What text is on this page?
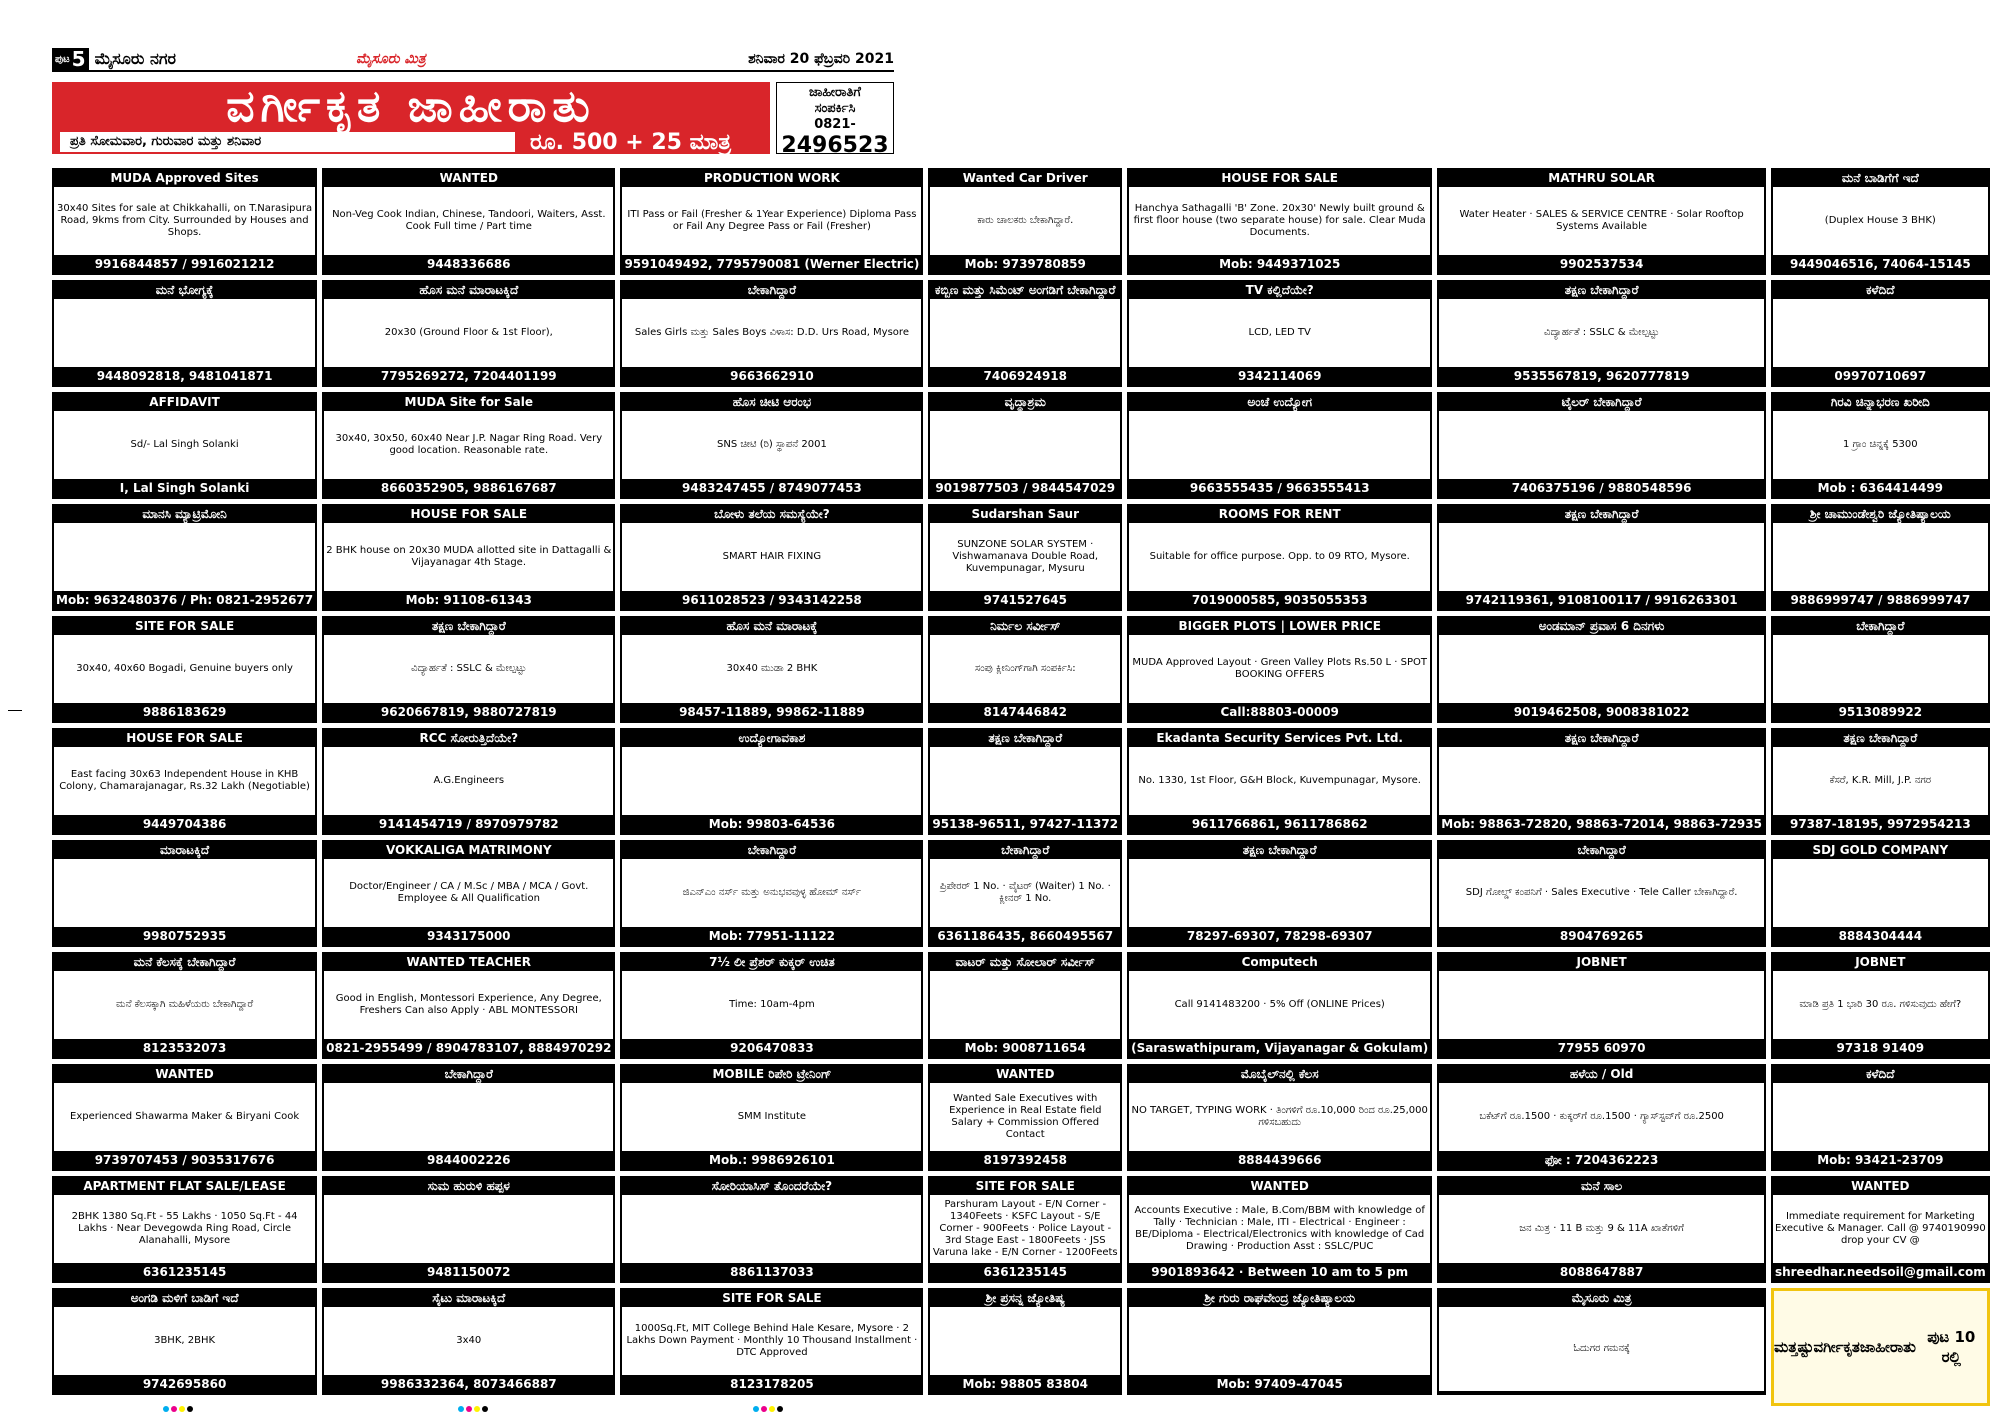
ಪುಟ 5 ಮೈಸೂರು ನಗರ	ಮೈಸೂರು ಮಿತ್ರ	ಶನಿವಾರ 20 ಫೆಬ್ರವರಿ 2021
ವರ್ಗೀಕೃತ ಜಾಹೀರಾತು
ಪ್ರತಿ ಸೋಮವಾರ, ಗುರುವಾರ ಮತ್ತು ಶನಿವಾರ	ರೂ. 500 + 25 ಮಾತ್ರ
ಜಾಹೀರಾತಿಗೆ
ಸಂಪರ್ಕಿಸಿ
0821-
2496523
MUDA Approved Sites
30x40 Sites for sale at Chikkahalli, on T.Narasipura Road, 9kms from City. Surrounded by Houses and Shops.
9916844857 / 9916021212
WANTED
Non-Veg Cook Indian, Chinese, Tandoori, Waiters, Asst. Cook Full time / Part time
9448336686
PRODUCTION WORK
ITI Pass or Fail (Fresher & 1Year Experience) Diploma Pass or Fail Any Degree Pass or Fail (Fresher)
9591049492, 7795790081 (Werner Electric)
Wanted Car Driver
ಕಾರು ಚಾಲಕರು ಬೇಕಾಗಿದ್ದಾರೆ.
Mob: 9739780859
HOUSE FOR SALE
Hanchya Sathagalli 'B' Zone. 20x30' Newly built ground & first floor house (two separate house) for sale. Clear Muda Documents.
Mob: 9449371025
MATHRU SOLAR
Water Heater · SALES & SERVICE CENTRE · Solar Rooftop Systems Available
9902537534
ಮನೆ ಬಾಡಿಗೆಗೆ ಇದೆ
(Duplex House 3 BHK)
9449046516, 74064-15145
ಮನೆ ಭೋಗ್ಯಕ್ಕೆ
9448092818, 9481041871
ಹೊಸ ಮನೆ ಮಾರಾಟಕ್ಕಿದೆ
20x30 (Ground Floor & 1st Floor),
7795269272, 7204401199
ಬೇಕಾಗಿದ್ದಾರೆ
Sales Girls ಮತ್ತು Sales Boys ವಿಳಾಸ: D.D. Urs Road, Mysore
9663662910
ಕಬ್ಬಿಣ ಮತ್ತು ಸಿಮೆಂಟ್ ಅಂಗಡಿಗೆ ಬೇಕಾಗಿದ್ದಾರೆ
7406924918
TV ಕಲ್ಲಿದೆಯೇ?
LCD, LED TV
9342114069
ತಕ್ಷಣ ಬೇಕಾಗಿದ್ದಾರೆ
ವಿದ್ಯಾರ್ಹತೆ : SSLC & ಮೇಲ್ಪಟ್ಟು
9535567819, 9620777819
ಕಳೆದಿದೆ
09970710697
AFFIDAVIT
Sd/- Lal Singh Solanki
I, Lal Singh Solanki
MUDA Site for Sale
30x40, 30x50, 60x40 Near J.P. Nagar Ring Road. Very good location. Reasonable rate.
8660352905, 9886167687
ಹೊಸ ಚೀಟಿ ಆರಂಭ
SNS ಚೀಟಿ (ರಿ) ಸ್ಥಾಪನೆ 2001
9483247455 / 8749077453
ವೃದ್ಧಾಶ್ರಮ
9019877503 / 9844547029
ಅಂಚೆ ಉದ್ಯೋಗ
9663555435 / 9663555413
ಟೈಲರ್ ಬೇಕಾಗಿದ್ದಾರೆ
7406375196 / 9880548596
ಗಿರವಿ ಚಿನ್ನಾಭರಣ ಖರೀದಿ
1 ಗ್ರಾಂ ಚಿನ್ನಕ್ಕೆ 5300
Mob : 6364414499
ಮಾನಸಿ ಮ್ಯಾಟ್ರಿಮೋನಿ
Mob: 9632480376 / Ph: 0821-2952677
HOUSE FOR SALE
2 BHK house on 20x30 MUDA allotted site in Dattagalli & Vijayanagar 4th Stage.
Mob: 91108-61343
ಬೋಳು ತಲೆಯ ಸಮಸ್ಯೆಯೇ?
SMART HAIR FIXING
9611028523 / 9343142258
Sudarshan Saur
SUNZONE SOLAR SYSTEM · Vishwamanava Double Road, Kuvempunagar, Mysuru
9741527645
ROOMS FOR RENT
Suitable for office purpose. Opp. to 09 RTO, Mysore.
7019000585, 9035055353
ತಕ್ಷಣ ಬೇಕಾಗಿದ್ದಾರೆ
9742119361, 9108100117 / 9916263301
ಶ್ರೀ ಚಾಮುಂಡೇಶ್ವರಿ ಜ್ಯೋತಿಷ್ಯಾಲಯ
9886999747 / 9886999747
SITE FOR SALE
30x40, 40x60 Bogadi, Genuine buyers only
9886183629
ತಕ್ಷಣ ಬೇಕಾಗಿದ್ದಾರೆ
ವಿದ್ಯಾರ್ಹತೆ : SSLC & ಮೇಲ್ಪಟ್ಟು
9620667819, 9880727819
ಹೊಸ ಮನೆ ಮಾರಾಟಕ್ಕೆ
30x40 ಮುಡಾ 2 BHK
98457-11889, 99862-11889
ನಿರ್ಮಲ ಸರ್ವೀಸ್
ಸಂಪು ಕ್ಲೀನಿಂಗ್‌ಗಾಗಿ ಸಂಪರ್ಕಿಸಿ:
8147446842
BIGGER PLOTS | LOWER PRICE
MUDA Approved Layout · Green Valley Plots Rs.50 L · SPOT BOOKING OFFERS
Call:88803-00009
ಅಂಡಮಾನ್ ಪ್ರವಾಸ 6 ದಿನಗಳು
9019462508, 9008381022
ಬೇಕಾಗಿದ್ದಾರೆ
9513089922
HOUSE FOR SALE
East facing 30x63 Independent House in KHB Colony, Chamarajanagar, Rs.32 Lakh (Negotiable)
9449704386
RCC ಸೋರುತ್ತಿದೆಯೇ?
A.G.Engineers
9141454719 / 8970979782
ಉದ್ಯೋಗಾವಕಾಶ
Mob: 99803-64536
ತಕ್ಷಣ ಬೇಕಾಗಿದ್ದಾರೆ
95138-96511, 97427-11372
Ekadanta Security Services Pvt. Ltd.
No. 1330, 1st Floor, G&H Block, Kuvempunagar, Mysore.
9611766861, 9611786862
ತಕ್ಷಣ ಬೇಕಾಗಿದ್ದಾರೆ
Mob: 98863-72820, 98863-72014, 98863-72935
ತಕ್ಷಣ ಬೇಕಾಗಿದ್ದಾರೆ
ಕೆಸರೆ, K.R. Mill, J.P. ನಗರ
97387-18195, 9972954213
ಮಾರಾಟಕ್ಕಿದೆ
9980752935
VOKKALIGA MATRIMONY
Doctor/Engineer / CA / M.Sc / MBA / MCA / Govt. Employee & All Qualification
9343175000
ಬೇಕಾಗಿದ್ದಾರೆ
ಜಿಎನ್‌ಎಂ ನರ್ಸ್ ಮತ್ತು ಅನುಭವವುಳ್ಳ ಹೋಮ್ ನರ್ಸ್
Mob: 77951-11122
ಬೇಕಾಗಿದ್ದಾರೆ
ಪ್ರಿಪೇರರ್ 1 No. · ವೈಟರ್ (Waiter) 1 No. · ಕ್ಲೀನರ್ 1 No.
6361186435, 8660495567
ತಕ್ಷಣ ಬೇಕಾಗಿದ್ದಾರೆ
78297-69307, 78298-69307
ಬೇಕಾಗಿದ್ದಾರೆ
SDJ ಗೋಲ್ಡ್ ಕಂಪನಿಗೆ · Sales Executive · Tele Caller ಬೇಕಾಗಿದ್ದಾರೆ.
8904769265
SDJ GOLD COMPANY
8884304444
ಮನೆ ಕೆಲಸಕ್ಕೆ ಬೇಕಾಗಿದ್ದಾರೆ
ಮನೆ ಕೆಲಸಕ್ಕಾಗಿ ಮಹಿಳೆಯರು ಬೇಕಾಗಿದ್ದಾರೆ
8123532073
WANTED TEACHER
Good in English, Montessori Experience, Any Degree, Freshers Can also Apply · ABL MONTESSORI
0821-2955499 / 8904783107, 8884970292
7½ ಲೀ ಪ್ರೆಶರ್ ಕುಕ್ಕರ್ ಉಚಿತ
Time: 10am-4pm
9206470833
ವಾಟರ್ ಮತ್ತು ಸೋಲಾರ್ ಸರ್ವೀಸ್
Mob: 9008711654
Computech
Call 9141483200 · 5% Off (ONLINE Prices)
(Saraswathipuram, Vijayanagar & Gokulam)
JOBNET
77955 60970
JOBNET
ಮಾಡಿ ಪ್ರತಿ 1 ಭಾರಿ 30 ರೂ. ಗಳಿಸುವುದು ಹೇಗೆ?
97318 91409
WANTED
Experienced Shawarma Maker & Biryani Cook
9739707453 / 9035317676
ಬೇಕಾಗಿದ್ದಾರೆ
9844002226
MOBILE ರಿಪೇರಿ ಟ್ರೇನಿಂಗ್
SMM Institute
Mob.: 9986926101
WANTED
Wanted Sale Executives with Experience in Real Estate field Salary + Commission Offered Contact
8197392458
ಮೊಬೈಲ್‌ನಲ್ಲಿ ಕೆಲಸ
NO TARGET, TYPING WORK · ತಿಂಗಳಿಗೆ ರೂ.10,000 ರಿಂದ ರೂ.25,000 ಗಳಿಸಬಹುದು
8884439666
ಹಳೆಯ / Old
ಬಕೆಟ್‌ಗೆ ರೂ.1500 · ಕುಕ್ಕರ್‌ಗೆ ರೂ.1500 · ಗ್ಯಾಸ್‌ಸ್ಟವ್‌ಗೆ ರೂ.2500
ಫೋ : 7204362223
ಕಳೆದಿದೆ
Mob: 93421-23709
APARTMENT FLAT SALE/LEASE
2BHK 1380 Sq.Ft - 55 Lakhs · 1050 Sq.Ft - 44 Lakhs · Near Devegowda Ring Road, Circle Alanahalli, Mysore
6361235145
ಸುಮ ಹುರುಳಿ ಹಪ್ಪಳ
9481150072
ಸೋರಿಯಾಸಿಸ್ ತೊಂದರೆಯೇ?
8861137033
SITE FOR SALE
Parshuram Layout - E/N Corner - 1340Feets · KSFC Layout - S/E Corner - 900Feets · Police Layout - 3rd Stage East - 1800Feets · JSS Varuna lake - E/N Corner - 1200Feets
6361235145
WANTED
Accounts Executive : Male, B.Com/BBM with knowledge of Tally · Technician : Male, ITI - Electrical · Engineer : BE/Diploma - Electrical/Electronics with knowledge of Cad Drawing · Production Asst : SSLC/PUC
9901893642 · Between 10 am to 5 pm
ಮನೆ ಸಾಲ
ಜನ ಮಿತ್ರ · 11 B ಮತ್ತು 9 & 11A ಖಾತೆಗಳಿಗೆ
8088647887
WANTED
Immediate requirement for Marketing Executive & Manager. Call @ 9740190990 drop your CV @
shreedhar.needsoil@gmail.com
ಅಂಗಡಿ ಮಳಿಗೆ ಬಾಡಿಗೆ ಇದೆ
3BHK, 2BHK
9742695860
ಸೈಟು ಮಾರಾಟಕ್ಕಿದೆ
3x40
9986332364, 8073466887
SITE FOR SALE
1000Sq.Ft, MIT College Behind Hale Kesare, Mysore · 2 Lakhs Down Payment · Monthly 10 Thousand Installment · DTC Approved
8123178205
ಶ್ರೀ ಪ್ರಸನ್ನ ಜ್ಯೋತಿಷ್ಯ
Mob: 98805 83804
ಶ್ರೀ ಗುರು ರಾಘವೇಂದ್ರ ಜ್ಯೋತಿಷ್ಯಾಲಯ
Mob: 97409-47045
ಮೈಸೂರು ಮಿತ್ರ
ಓದುಗರ ಗಮನಕ್ಕೆ	ಮತ್ತಷ್ಟು ವರ್ಗೀಕೃತ ಜಾಹೀರಾತು
ಪುಟ 10 ರಲ್ಲಿ
